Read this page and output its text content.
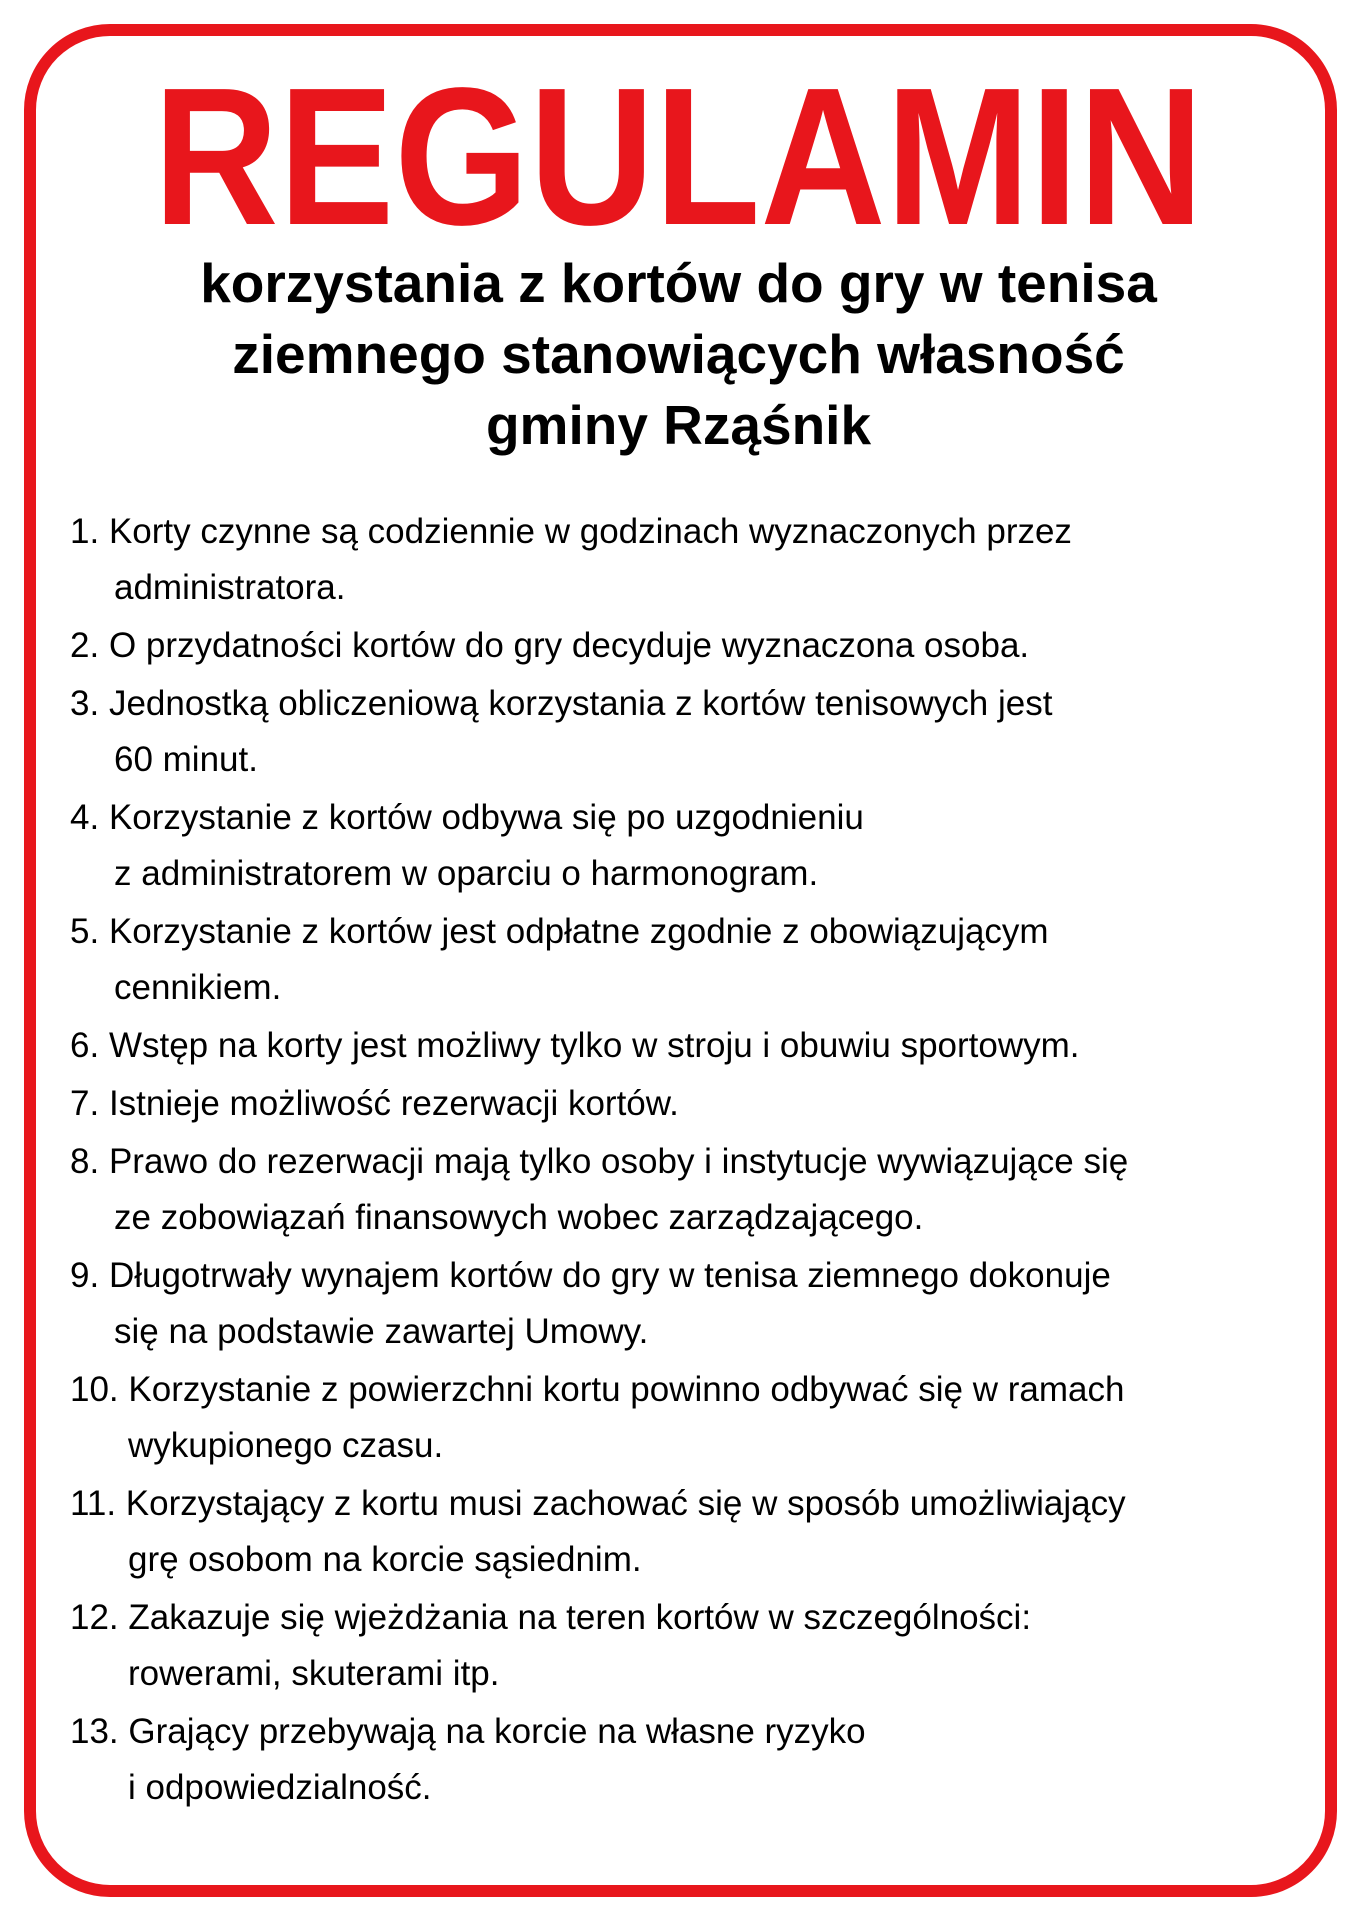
REGULAMIN
korzystania z kortów do gry w tenisa
ziemnego stanowiących własność
gminy Rząśnik
1. Korty czynne są codziennie w godzinach wyznaczonych przez
administratora.
2. O przydatności kortów do gry decyduje wyznaczona osoba.
3. Jednostką obliczeniową korzystania z kortów tenisowych jest
60 minut.
4. Korzystanie z kortów odbywa się po uzgodnieniu
z administratorem w oparciu o harmonogram.
5. Korzystanie z kortów jest odpłatne zgodnie z obowiązującym
cennikiem.
6. Wstęp na korty jest możliwy tylko w stroju i obuwiu sportowym.
7. Istnieje możliwość rezerwacji kortów.
8. Prawo do rezerwacji mają tylko osoby i instytucje wywiązujące się
ze zobowiązań finansowych wobec zarządzającego.
9. Długotrwały wynajem kortów do gry w tenisa ziemnego dokonuje
się na podstawie zawartej Umowy.
10. Korzystanie z powierzchni kortu powinno odbywać się w ramach
wykupionego czasu.
11. Korzystający z kortu musi zachować się w sposób umożliwiający
grę osobom na korcie sąsiednim.
12. Zakazuje się wjeżdżania na teren kortów w szczególności:
rowerami, skuterami itp.
13. Grający przebywają na korcie na własne ryzyko
i odpowiedzialność.
